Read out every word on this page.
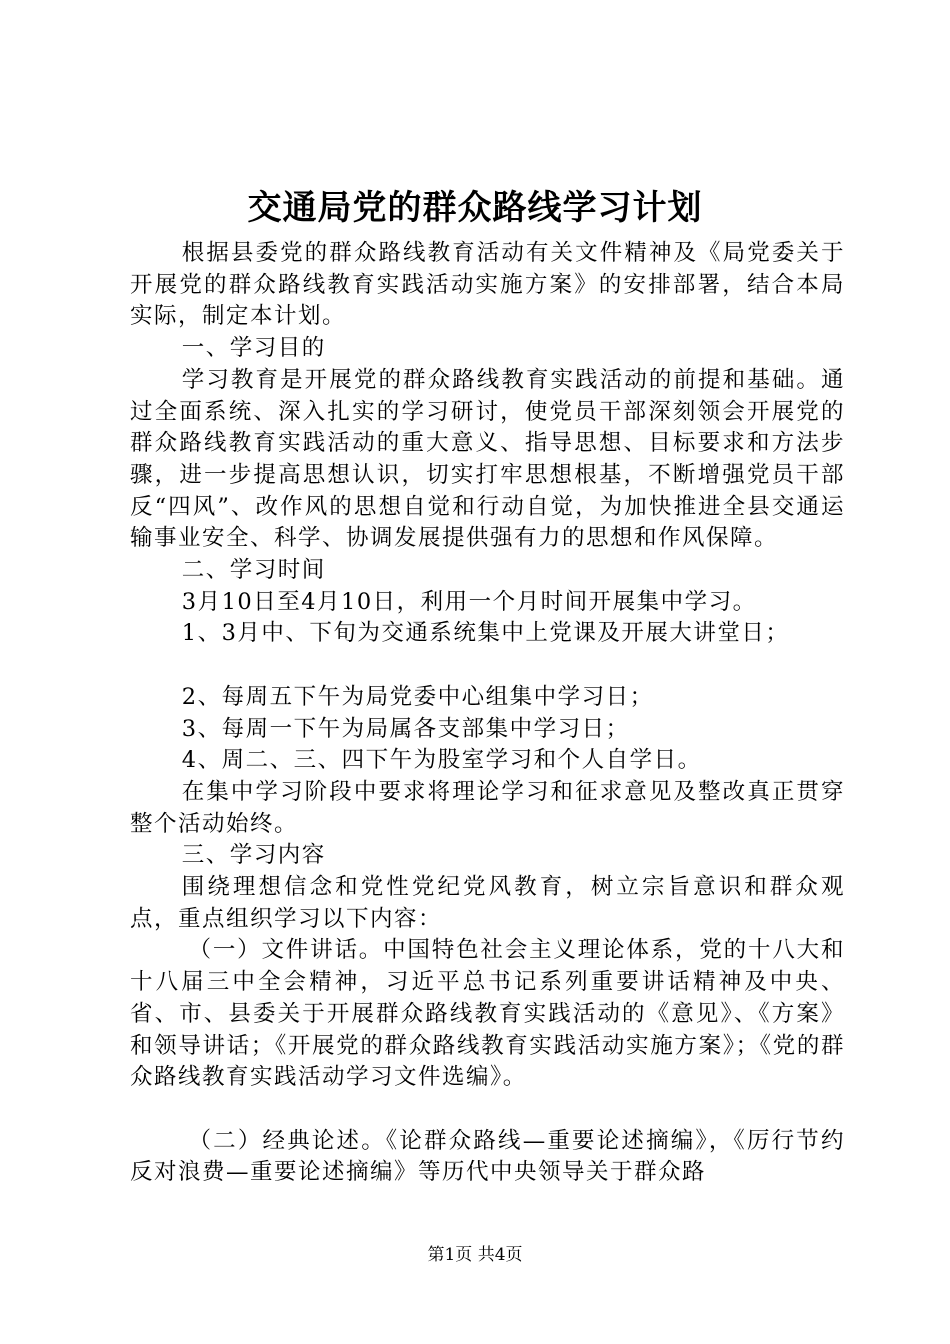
交通局党的群众路线学习计划

根据县委党的群众路线教育活动有关文件精神及《局党委关于开展党的群众路线教育实践活动实施方案》的安排部署，结合本局实际，制定本计划。

一、学习目的

学习教育是开展党的群众路线教育实践活动的前提和基础。通过全面系统、深入扎实的学习研讨，使党员干部深刻领会开展党的群众路线教育实践活动的重大意义、指导思想、目标要求和方法步骤，进一步提高思想认识，切实打牢思想根基，不断增强党员干部反“四风”、改作风的思想自觉和行动自觉，为加快推进全县交通运输事业安全、科学、协调发展提供强有力的思想和作风保障。

二、学习时间

3月10日至4月10日，利用一个月时间开展集中学习。

1、3月中、下旬为交通系统集中上党课及开展大讲堂日；

2、每周五下午为局党委中心组集中学习日；

3、每周一下午为局属各支部集中学习日；

4、周二、三、四下午为股室学习和个人自学日。

在集中学习阶段中要求将理论学习和征求意见及整改真正贯穿整个活动始终。

三、学习内容

围绕理想信念和党性党纪党风教育，树立宗旨意识和群众观点，重点组织学习以下内容：

（一）文件讲话。中国特色社会主义理论体系，党的十八大和十八届三中全会精神，习近平总书记系列重要讲话精神及中央、省、市、县委关于开展群众路线教育实践活动的《意见》、《方案》和领导讲话；《开展党的群众路线教育实践活动实施方案》；《党的群众路线教育实践活动学习文件选编》。

（二）经典论述。《论群众路线—重要论述摘编》，《厉行节约反对浪费—重要论述摘编》等历代中央领导关于群众路

第1页 共4页
